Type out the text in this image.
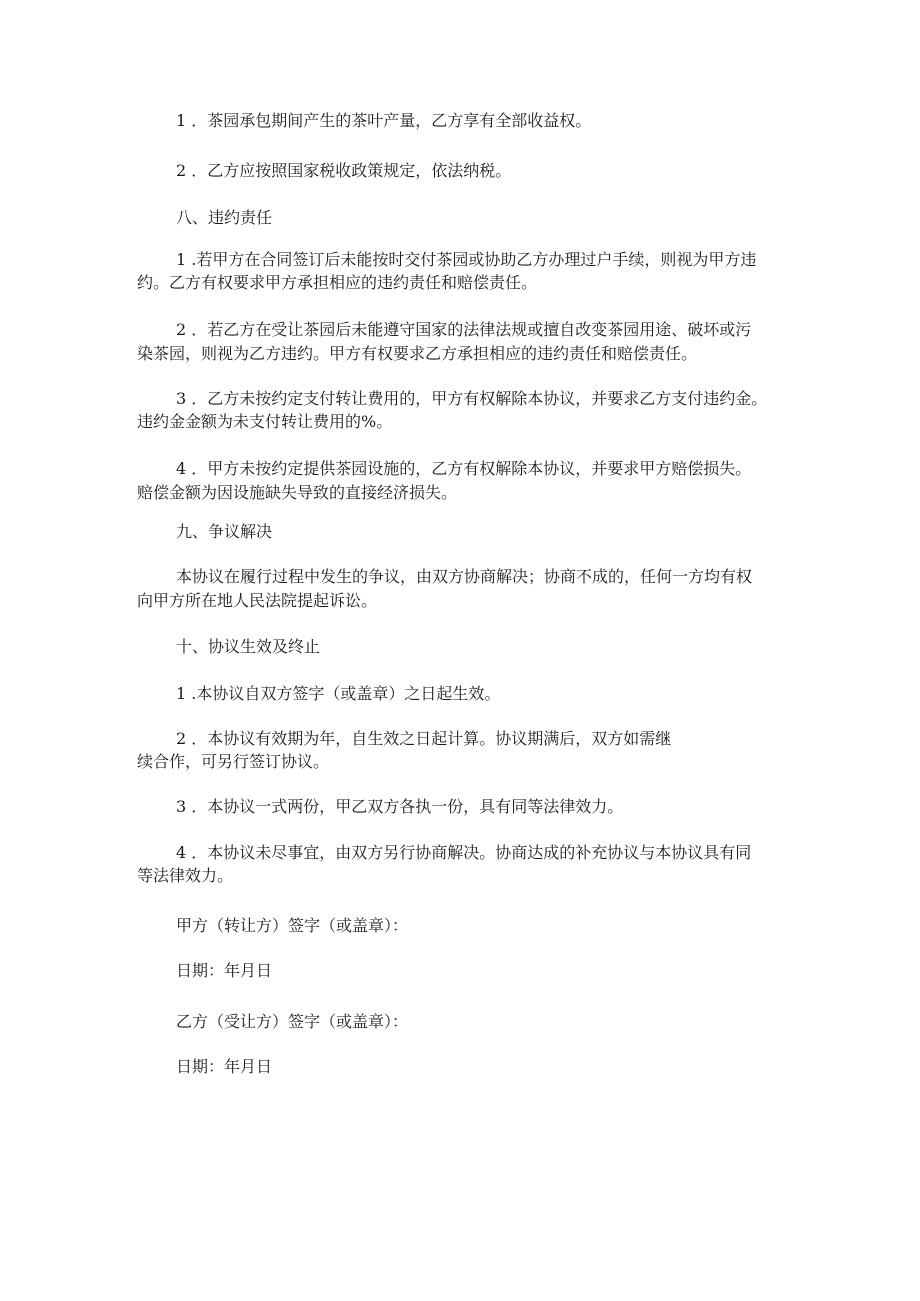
1 ．茶园承包期间产生的茶叶产量，乙方享有全部收益权。
2 ．乙方应按照国家税收政策规定，依法纳税。
八、违约责任
1 .若甲方在合同签订后未能按时交付茶园或协助乙方办理过户手续，则视为甲方违
约。乙方有权要求甲方承担相应的违约责任和赔偿责任。
2 ．若乙方在受让茶园后未能遵守国家的法律法规或擅自改变茶园用途、破坏或污
染茶园，则视为乙方违约。甲方有权要求乙方承担相应的违约责任和赔偿责任。
3 ．乙方未按约定支付转让费用的，甲方有权解除本协议，并要求乙方支付违约金。
违约金金额为未支付转让费用的%。
4 ．甲方未按约定提供茶园设施的，乙方有权解除本协议，并要求甲方赔偿损失。
赔偿金额为因设施缺失导致的直接经济损失。
九、争议解决
本协议在履行过程中发生的争议，由双方协商解决；协商不成的，任何一方均有权
向甲方所在地人民法院提起诉讼。
十、协议生效及终止
1 .本协议自双方签字（或盖章）之日起生效。
2 ．本协议有效期为年，自生效之日起计算。协议期满后，双方如需继
续合作，可另行签订协议。
3 ．本协议一式两份，甲乙双方各执一份，具有同等法律效力。
4 ．本协议未尽事宜，由双方另行协商解决。协商达成的补充协议与本协议具有同
等法律效力。
甲方（转让方）签字（或盖章）：
日期：年月日
乙方（受让方）签字（或盖章）：
日期：年月日
